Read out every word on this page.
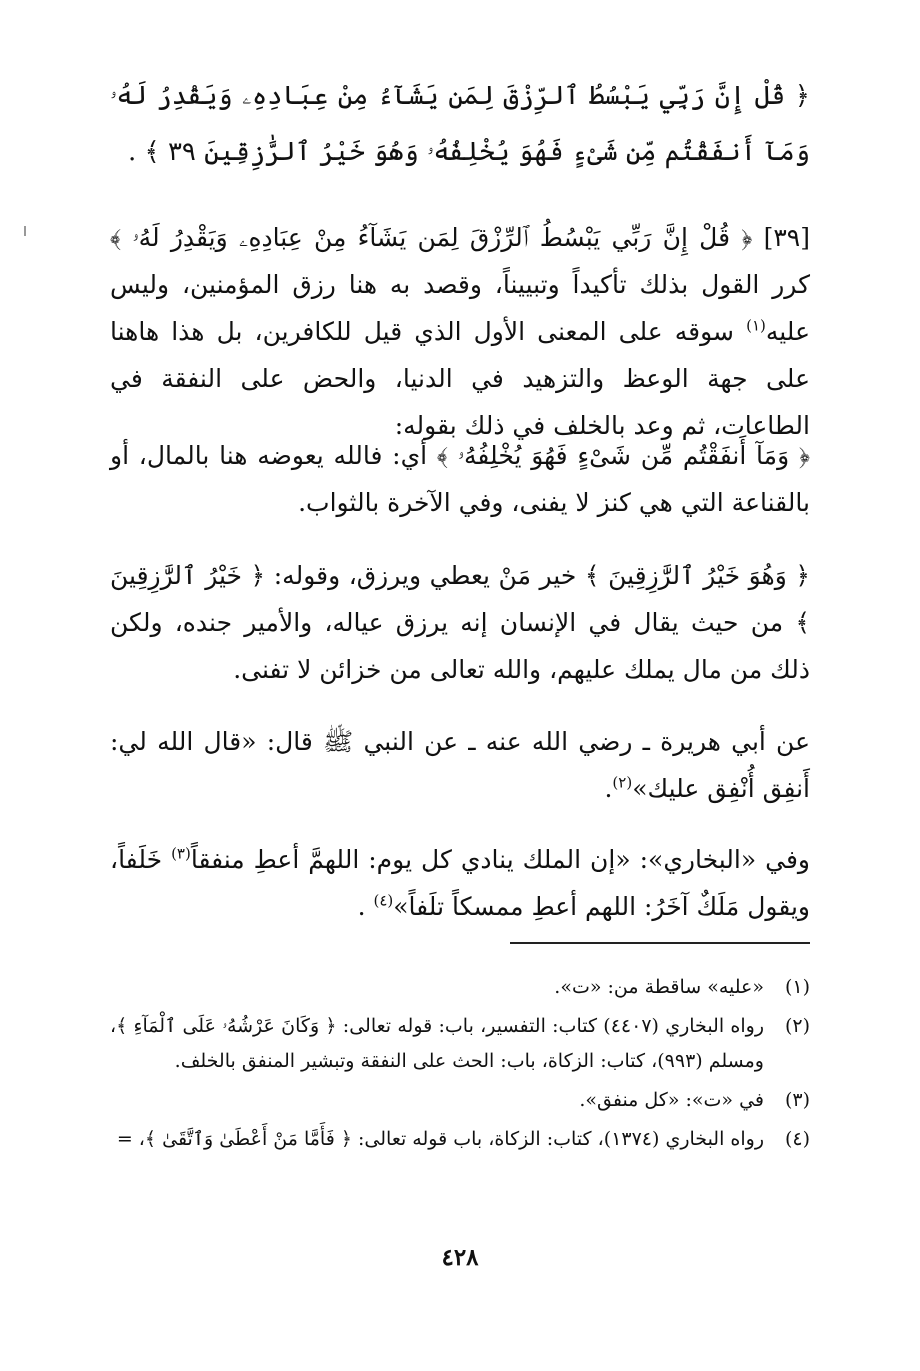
﴿ قُلْ إِنَّ رَبِّي يَبْسُطُ ٱلرِّزْقَ لِمَن يَشَآءُ مِنْ عِبَادِهِۦ وَيَقْدِرُ لَهُۥ وَمَآ أَنفَقْتُم مِّن شَىْءٍ فَهُوَ يُخْلِفُهُۥ وَهُوَ خَيْرُ ٱلرَّٰزِقِينَ ٣٩ ﴾ .
[٣٩] ﴿ قُلْ إِنَّ رَبِّي يَبْسُطُ ٱلرِّزْقَ لِمَن يَشَآءُ مِنْ عِبَادِهِۦ وَيَقْدِرُ لَهُۥ ﴾ كرر القول بذلك تأكيداً وتبييناً، وقصد به هنا رزق المؤمنين، وليس عليه$^{(١)}$ سوقه على المعنى الأول الذي قيل للكافرين، بل هذا هاهنا على جهة الوعظ والتزهيد في الدنيا، والحض على النفقة في الطاعات، ثم وعد بالخلف في ذلك بقوله:
﴿ وَمَآ أَنفَقْتُم مِّن شَىْءٍ فَهُوَ يُخْلِفُهُۥ ﴾ أي: فالله يعوضه هنا بالمال، أو بالقناعة التي هي كنز لا يفنى، وفي الآخرة بالثواب.
﴿ وَهُوَ خَيْرُ ٱلرَّٰزِقِينَ ﴾ خير مَنْ يعطي ويرزق، وقوله: ﴿ خَيْرُ ٱلرَّٰزِقِينَ ﴾ من حيث يقال في الإنسان إنه يرزق عياله، والأمير جنده، ولكن ذلك من مال يملك عليهم، والله تعالى من خزائن لا تفنى.
عن أبي هريرة ـ رضي الله عنه ـ عن النبي ﷺ قال: «قال الله لي: أَنفِق أُنْفِق عليك»$^{(٢)}$.
وفي «البخاري»: «إن الملك ينادي كل يوم: اللهمَّ أعطِ منفقاً$^{(٣)}$ خَلَفاً، ويقول مَلَكٌ آخَرُ: اللهم أعطِ ممسكاً تلَفاً»$^{(٤)}$ .
(١)
«عليه» ساقطة من: «ت».
(٢)
رواه البخاري (٤٤٠٧) كتاب: التفسير، باب: قوله تعالى: ﴿ وَكَانَ عَرْشُهُۥ عَلَى ٱلْمَآءِ ﴾، ومسلم (٩٩٣)، كتاب: الزكاة، باب: الحث على النفقة وتبشير المنفق بالخلف.
(٣)
في «ت»: «كل منفق».
(٤)
رواه البخاري (١٣٧٤)، كتاب: الزكاة، باب قوله تعالى: ﴿ فَأَمَّا مَنْ أَعْطَىٰ وَٱتَّقَىٰ ﴾، =
٤٢٨
